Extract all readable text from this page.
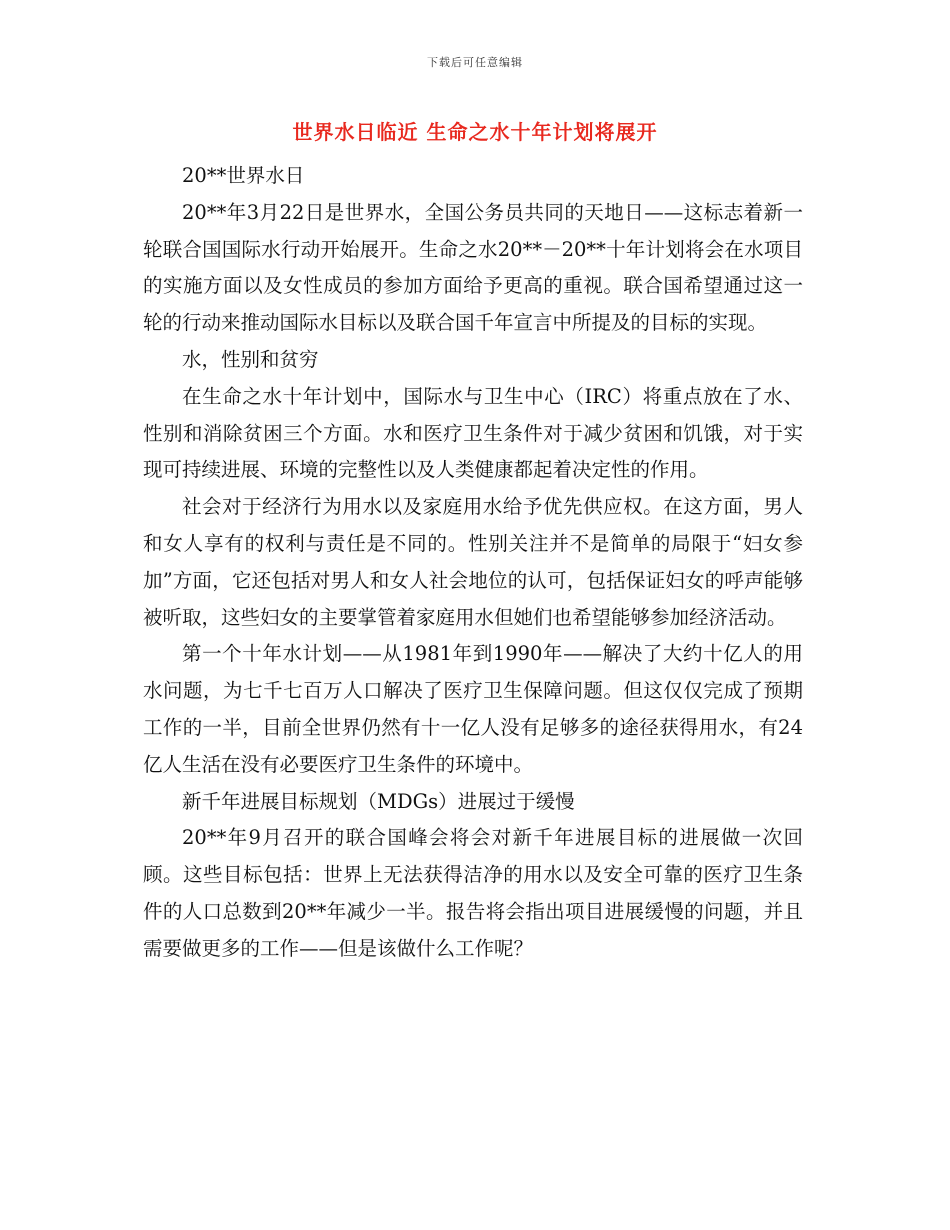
下载后可任意编辑
世界水日临近 生命之水十年计划将展开

20**世界水日

20**年3月22日是世界水，全国公务员共同的天地日——这标志着新一轮联合国国际水行动开始展开。生命之水20**－20**十年计划将会在水项目的实施方面以及女性成员的参加方面给予更高的重视。联合国希望通过这一轮的行动来推动国际水目标以及联合国千年宣言中所提及的目标的实现。

水，性别和贫穷

在生命之水十年计划中，国际水与卫生中心（IRC）将重点放在了水、性别和消除贫困三个方面。水和医疗卫生条件对于减少贫困和饥饿，对于实现可持续进展、环境的完整性以及人类健康都起着决定性的作用。

社会对于经济行为用水以及家庭用水给予优先供应权。在这方面，男人和女人享有的权利与责任是不同的。性别关注并不是简单的局限于“妇女参加”方面，它还包括对男人和女人社会地位的认可，包括保证妇女的呼声能够被听取，这些妇女的主要掌管着家庭用水但她们也希望能够参加经济活动。

第一个十年水计划——从1981年到1990年——解决了大约十亿人的用水问题，为七千七百万人口解决了医疗卫生保障问题。但这仅仅完成了预期工作的一半，目前全世界仍然有十一亿人没有足够多的途径获得用水，有24亿人生活在没有必要医疗卫生条件的环境中。

新千年进展目标规划（MDGs）进展过于缓慢

20**年9月召开的联合国峰会将会对新千年进展目标的进展做一次回顾。这些目标包括：世界上无法获得洁净的用水以及安全可靠的医疗卫生条件的人口总数到20**年减少一半。报告将会指出项目进展缓慢的问题，并且需要做更多的工作——但是该做什么工作呢？
